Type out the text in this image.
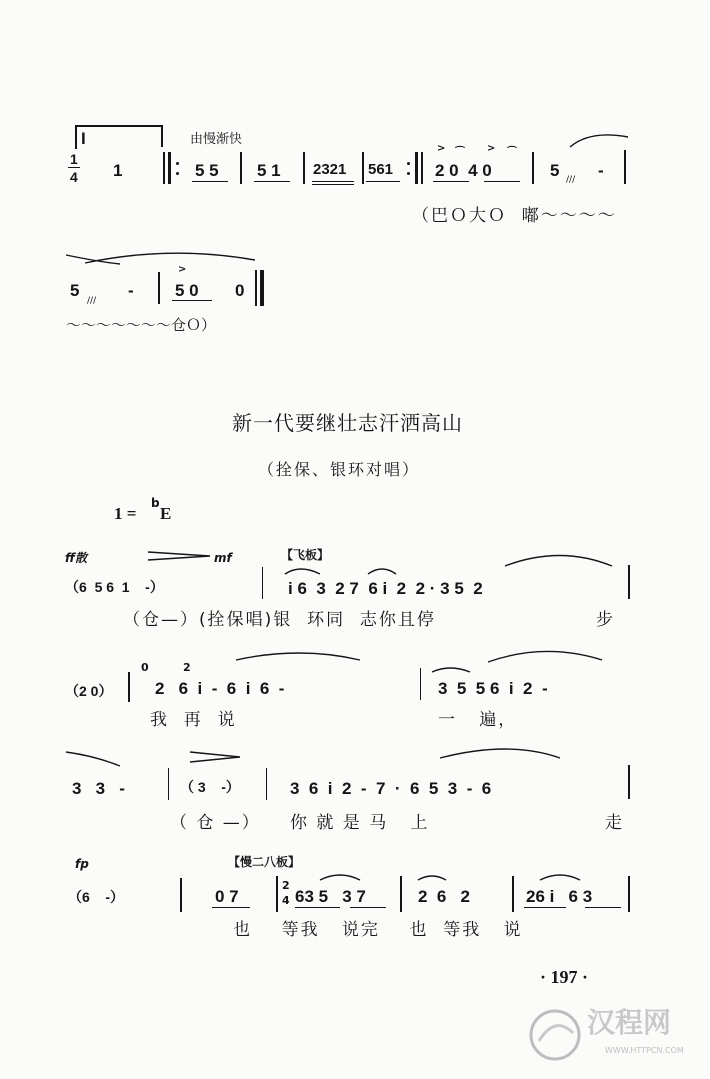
I	由慢渐快
1
4 1	5 5 5 1 2321 561
> ⌒ > ⌒
2 0  4 0	5 /// -
（巴Ｏ大Ｏ  嘟～～～～
5
///
-
>
5 0 0
～～～～～～～仓Ｏ）
新一代要继壮志汗洒高山
（拴保、银环对唱）
1 =
b
E
ff散	mf	【飞板】
（6  5 6  1    -）	i 6  3  2 7  6 i  2  2 · 3 5  2
（仓—）(拴保唱)银  环同  志你且停	步
（2 0）
0	2
2   6  i  -  6  i  6  -	3  5  5 6  i  2  -
我  再  说	一   遍，
3   3   -	（ 3    -）	3  6  i  2  -  7  ·  6  5  3  -  6
（ 仓 —） 你 就 是 马   上	走
fp	【慢二八板】
（6    -）	0 7
2
4 63 5   3 7	2  6   2	26 i   6 3
也    等我   说完    也  等我   说
· 197 ·
汉程网
WWW.HTTPCN.COM
